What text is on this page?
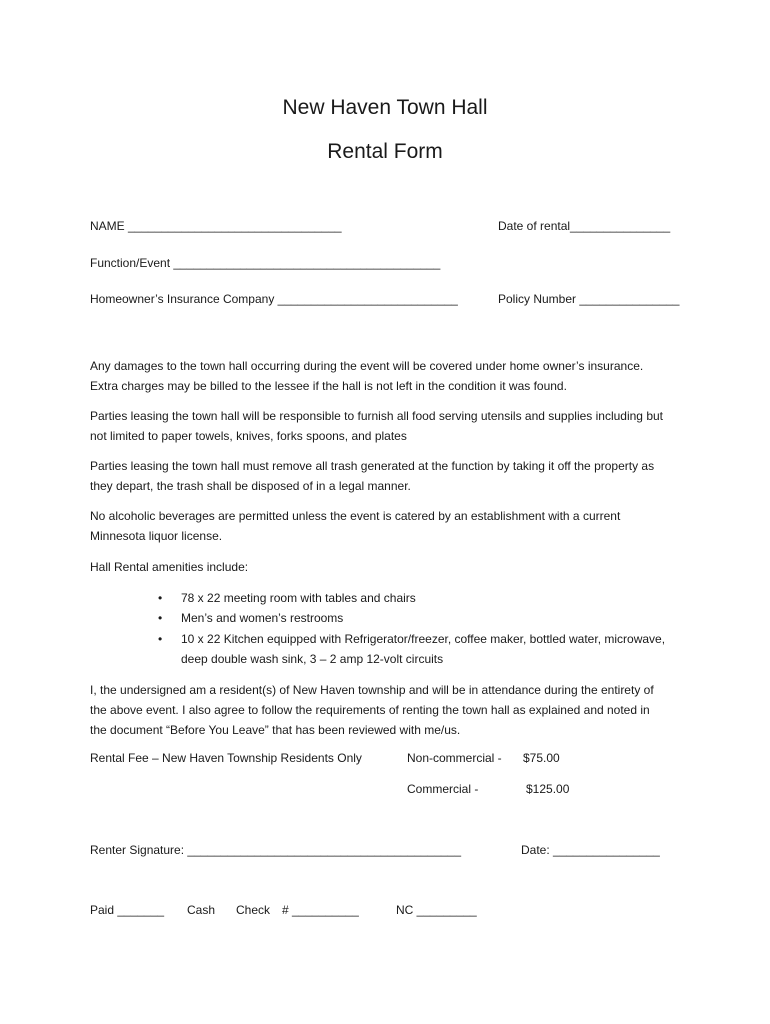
New Haven Town Hall
Rental Form
NAME ________________________________	Date of rental_______________
Function/Event ________________________________________
Homeowner’s Insurance Company ___________________________	Policy Number _______________
Any damages to the town hall occurring during the event will be covered under home owner’s insurance.
Extra charges may be billed to the lessee if the hall is not left in the condition it was found.
Parties leasing the town hall will be responsible to furnish all food serving utensils and supplies including but
not limited to paper towels, knives, forks spoons, and plates
Parties leasing the town hall must remove all trash generated at the function by taking it off the property as
they depart, the trash shall be disposed of in a legal manner.
No alcoholic beverages are permitted unless the event is catered by an establishment with a current
Minnesota liquor license.
Hall Rental amenities include:
• 78 x 22 meeting room with tables and chairs
• Men’s and women’s restrooms
• 10 x 22 Kitchen equipped with Refrigerator/freezer, coffee maker, bottled water, microwave,
deep double wash sink, 3 – 2 amp 12-volt circuits
I, the undersigned am a resident(s) of New Haven township and will be in attendance during the entirety of
the above event. I also agree to follow the requirements of renting the town hall as explained and noted in
the document “Before You Leave” that has been reviewed with me/us.
Rental Fee – New Haven Township Residents Only	Non-commercial - $75.00
Commercial -	$125.00
Renter Signature: _________________________________________	Date: ________________
Paid _______ Cash Check # __________	NC _________
